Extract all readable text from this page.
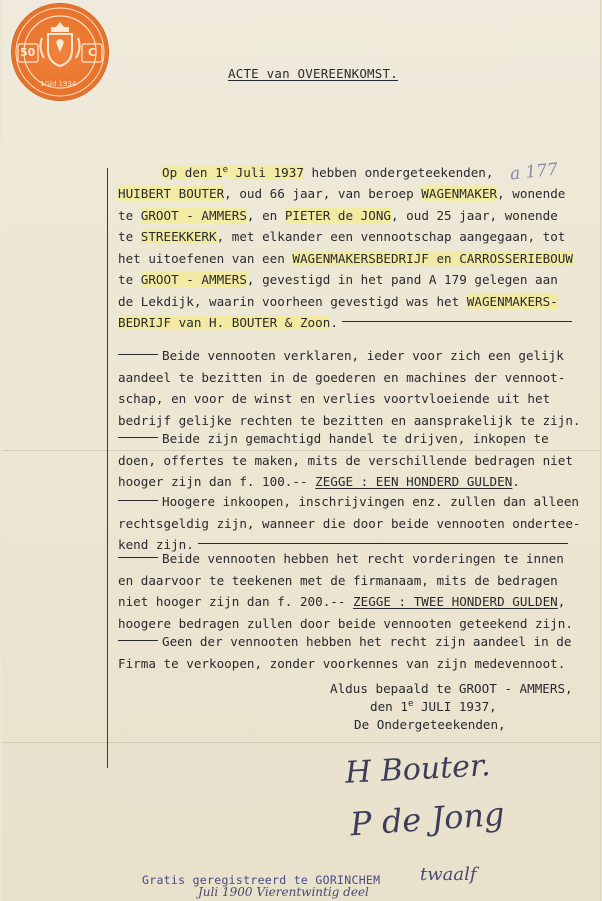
50	C
1Gld 1934
ACTE van OVEREENKOMST.
a 177
Op den 1e Juli 1937 hebben ondergeteekenden,
HUIBERT BOUTER, oud 66 jaar, van beroep WAGENMAKER, wonende
te GROOT - AMMERS, en PIETER de JONG, oud 25 jaar, wonende
te STREEKKERK, met elkander een vennootschap aangegaan, tot
het uitoefenen van een WAGENMAKERSBEDRIJF en CARROSSERIEBOUW
te GROOT - AMMERS, gevestigd in het pand A 179 gelegen aan
de Lekdijk, waarin voorheen gevestigd was het WAGENMAKERS-
BEDRIJF van H. BOUTER & Zoon.
Beide vennooten verklaren, ieder voor zich een gelijk
aandeel te bezitten in de goederen en machines der vennoot-
schap, en voor de winst en verlies voortvloeiende uit het
bedrijf gelijke rechten te bezitten en aansprakelijk te zijn.
Beide zijn gemachtigd handel te drijven, inkopen te
doen, offertes te maken, mits de verschillende bedragen niet
hooger zijn dan f. 100.-- ZEGGE : EEN HONDERD GULDEN.
Hoogere inkoopen, inschrijvingen enz. zullen dan alleen
rechtsgeldig zijn, wanneer die door beide vennooten ondertee-
kend zijn.
Beide vennooten hebben het recht vorderingen te innen
en daarvoor te teekenen met de firmanaam, mits de bedragen
niet hooger zijn dan f. 200.-- ZEGGE : TWEE HONDERD GULDEN,
hoogere bedragen zullen door beide vennooten geteekend zijn.
Geen der vennooten hebben het recht zijn aandeel in de
Firma te verkoopen, zonder voorkennes van zijn medevennoot.
Aldus bepaald te GROOT - AMMERS,
den 1e JULI 1937,
De Ondergeteekenden,
H Bouter.
P de Jong
Gratis geregistreerd te GORINCHEM twaalf
Juli 1900 Vierentwintig deel
